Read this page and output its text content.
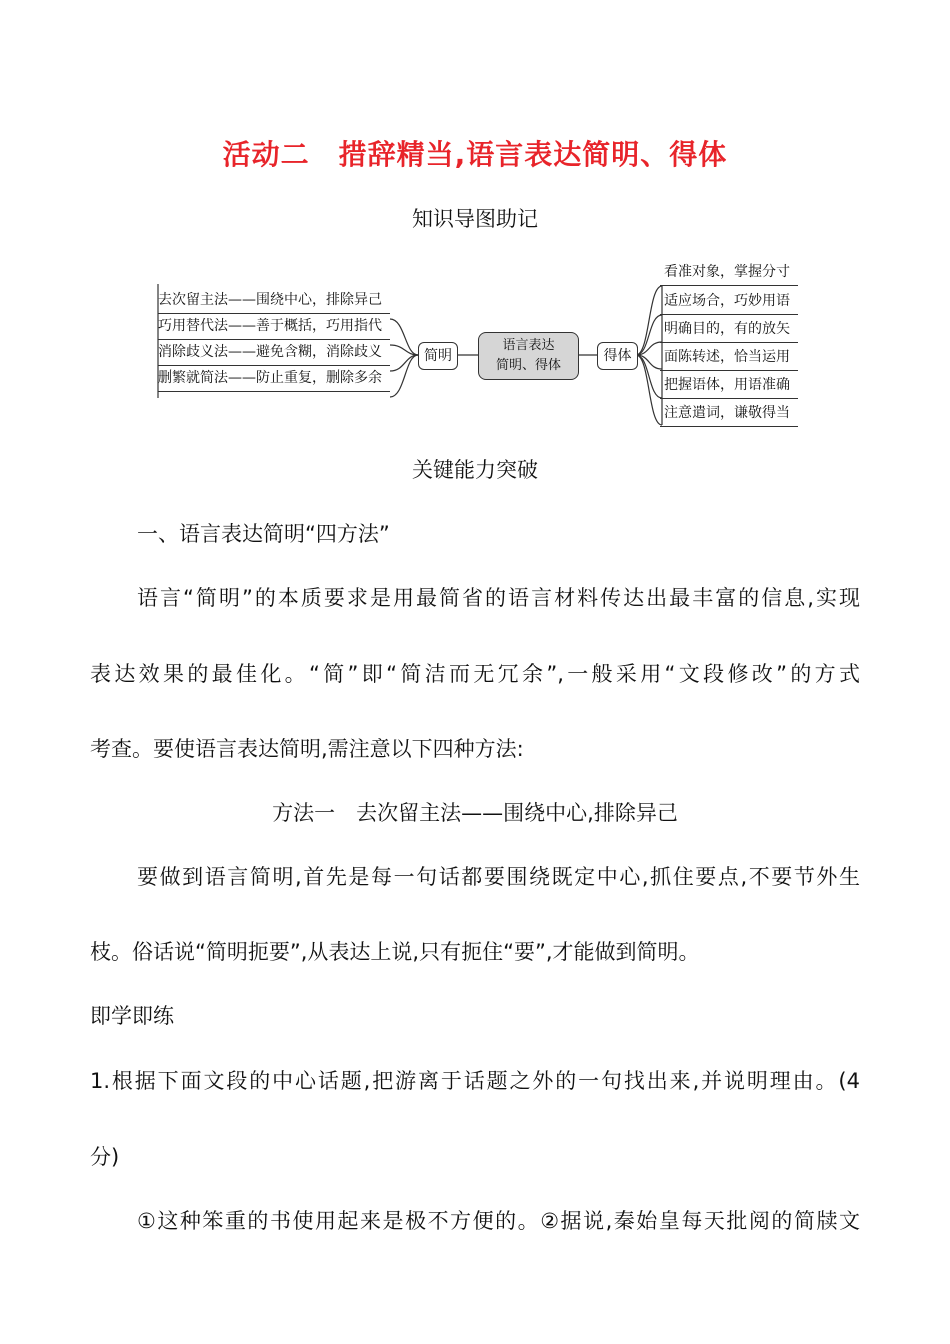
活动二　措辞精当,语言表达简明、得体
知识导图助记
去次留主法——围绕中心，排除异己
巧用替代法——善于概括，巧用指代
消除歧义法——避免含糊，消除歧义
删繁就简法——防止重复，删除多余
简明
语言表达
简明、得体
得体
看准对象，掌握分寸
适应场合，巧妙用语
明确目的，有的放矢
面陈转述，恰当运用
把握语体，用语准确
注意遣词，谦敬得当
关键能力突破
一、语言表达简明“四方法”
语言“简明”的本质要求是用最简省的语言材料传达出最丰富的信息,实现
表达效果的最佳化。“简”即“简洁而无冗余”,一般采用“文段修改”的方式
考查。要使语言表达简明,需注意以下四种方法:
方法一　去次留主法——围绕中心,排除异己
要做到语言简明,首先是每一句话都要围绕既定中心,抓住要点,不要节外生
枝。俗话说“简明扼要”,从表达上说,只有扼住“要”,才能做到简明。
即学即练
1.根据下面文段的中心话题,把游离于话题之外的一句找出来,并说明理由。(4
分)
①这种笨重的书使用起来是极不方便的。②据说,秦始皇每天批阅的简牍文
